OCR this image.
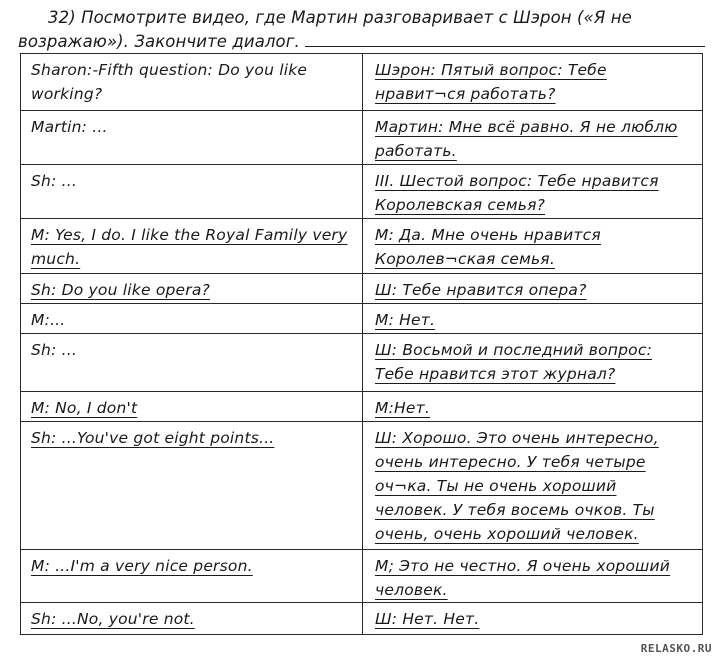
32) Посмотрите видео, где Мартин разговаривает с Шэрон («Я не возражаю»). Закончите диалог.
Sharon:-Fifth question: Do you like working?	Шэрон: Пятый вопрос: Тебе нравит¬ся работать?
Martin: ...	Мартин: Мне всё равно. Я не люблю работать.
Sh: ...	III. Шестой вопрос: Тебе нравится Королевская семья?
M: Yes, I do. I like the Royal Family very much.	М: Да. Мне очень нравится Королев¬ская семья.
Sh: Do you like opera?	Ш: Тебе нравится опера?
M:...	М: Нет.
Sh: ...	Ш: Восьмой и последний вопрос: Тебе нравится этот журнал?
M: No, I don't	М:Нет.
Sh: ...You've got eight points...	Ш: Хорошо. Это очень интересно, очень интересно. У тебя четыре оч¬ка. Ты не очень хороший человек. У тебя восемь очков. Ты очень, очень хороший человек.
M: ...I'm a very nice person.	М; Это не честно. Я очень хороший человек.
Sh: ...No, you're not.	Ш: Нет. Нет.
RELASKO.RU
